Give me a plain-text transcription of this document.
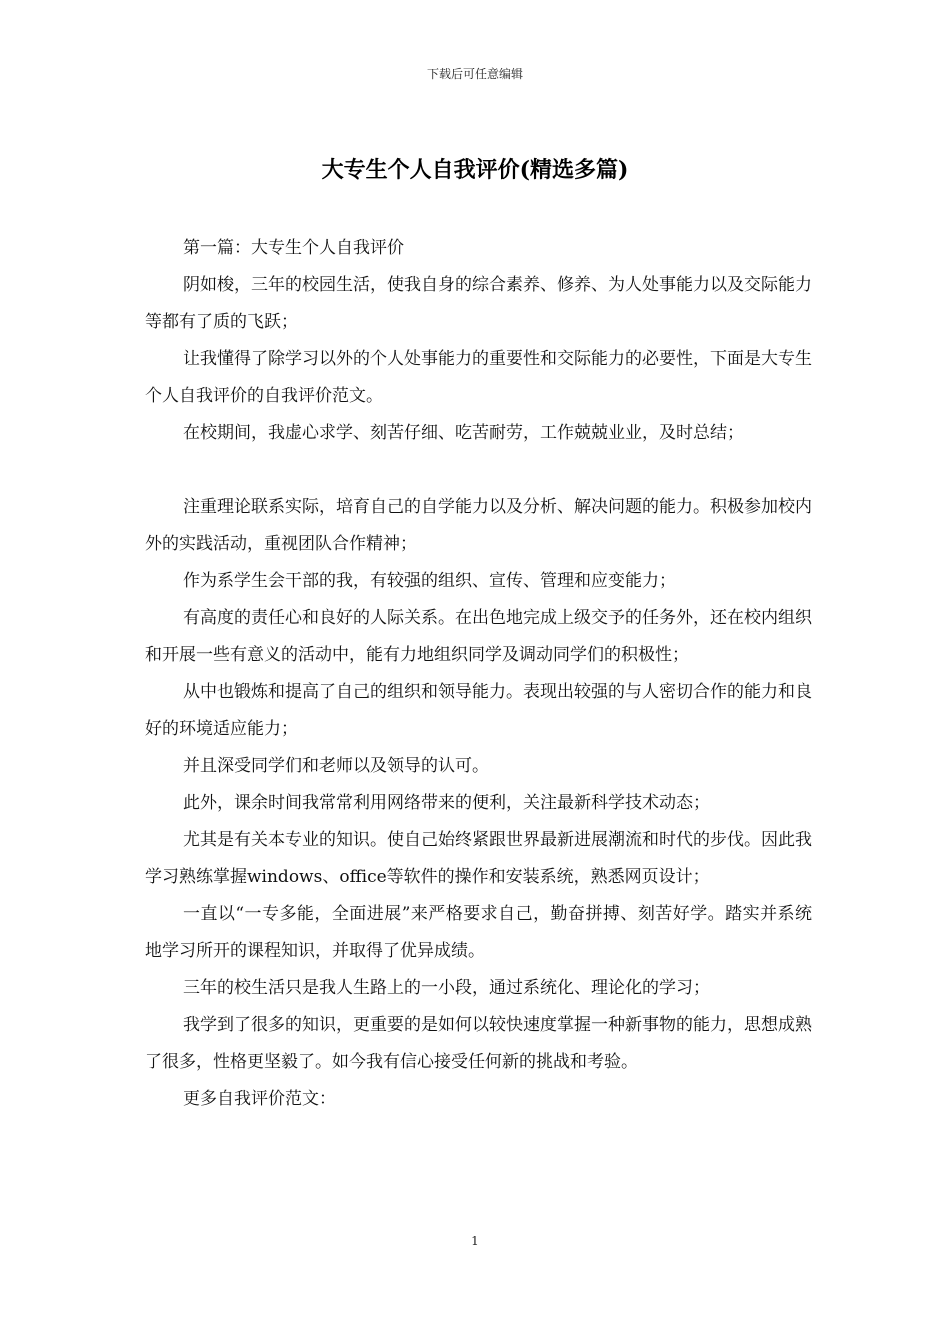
下载后可任意编辑
大专生个人自我评价(精选多篇)

第一篇：大专生个人自我评价

阴如梭，三年的校园生活，使我自身的综合素养、修养、为人处事能力以及交际能力等都有了质的飞跃；

让我懂得了除学习以外的个人处事能力的重要性和交际能力的必要性，下面是大专生个人自我评价的自我评价范文。

在校期间，我虚心求学、刻苦仔细、吃苦耐劳，工作兢兢业业，及时总结；

注重理论联系实际，培育自己的自学能力以及分析、解决问题的能力。积极参加校内外的实践活动，重视团队合作精神；

作为系学生会干部的我，有较强的组织、宣传、管理和应变能力；

有高度的责任心和良好的人际关系。在出色地完成上级交予的任务外，还在校内组织和开展一些有意义的活动中，能有力地组织同学及调动同学们的积极性；

从中也锻炼和提高了自己的组织和领导能力。表现出较强的与人密切合作的能力和良好的环境适应能力；

并且深受同学们和老师以及领导的认可。

此外，课余时间我常常利用网络带来的便利，关注最新科学技术动态；

尤其是有关本专业的知识。使自己始终紧跟世界最新进展潮流和时代的步伐。因此我学习熟练掌握windows、office等软件的操作和安装系统，熟悉网页设计；

一直以“一专多能，全面进展”来严格要求自己，勤奋拼搏、刻苦好学。踏实并系统地学习所开的课程知识，并取得了优异成绩。

三年的校生活只是我人生路上的一小段，通过系统化、理论化的学习；

我学到了很多的知识，更重要的是如何以较快速度掌握一种新事物的能力，思想成熟了很多，性格更坚毅了。如今我有信心接受任何新的挑战和考验。

更多自我评价范文：

1
